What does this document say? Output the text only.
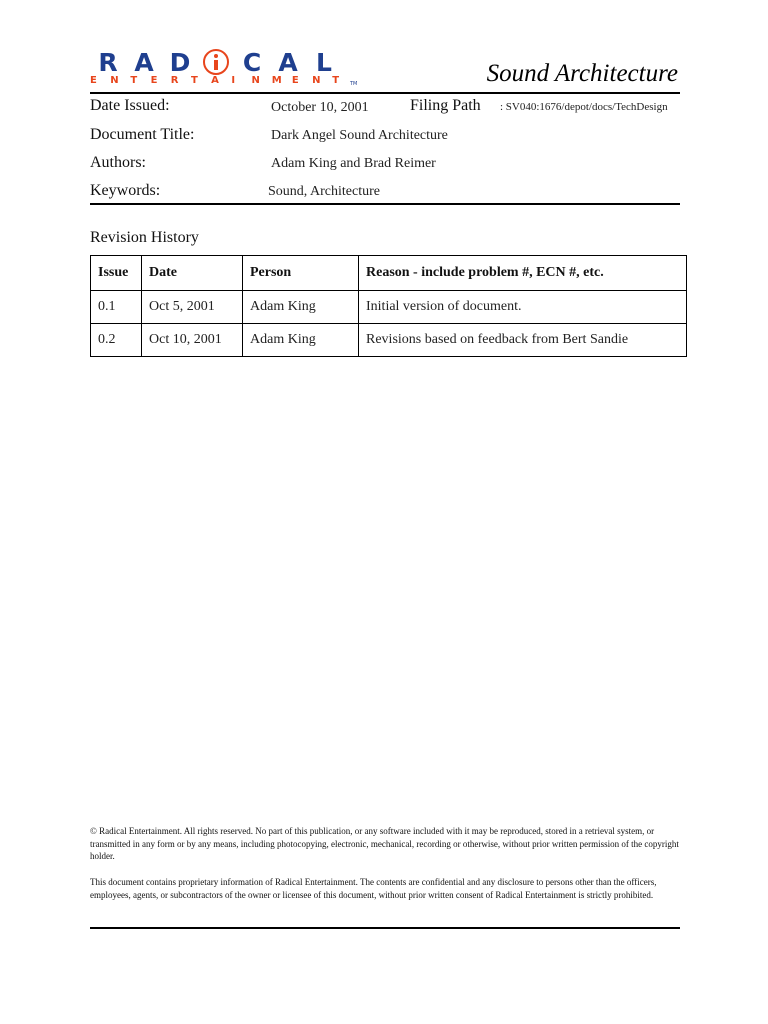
R A D	C A L
E	N	T	E	R	T	A	I	N	M	E	N	T	TM	Sound Architecture
Date Issued:	October 10, 2001	Filing Path : SV040:1676/depot/docs/TechDesign
Document Title:	Dark Angel Sound Architecture
Authors:	Adam King and Brad Reimer
Keywords:	Sound, Architecture
Revision History
Issue	Date	Person	Reason - include problem #, ECN #, etc.
0.1	Oct 5, 2001	Adam King	Initial version of document.
0.2	Oct 10, 2001	Adam King	Revisions based on feedback from Bert Sandie
© Radical Entertainment. All rights reserved. No part of this publication, or any software included with it may be reproduced, stored in a retrieval system, or transmitted in any form or by any means, including photocopying, electronic, mechanical, recording or otherwise, without prior written permission of the copyright holder.
This document contains proprietary information of Radical Entertainment. The contents are confidential and any disclosure to persons other than the officers, employees, agents, or subcontractors of the owner or licensee of this document, without prior written consent of Radical Entertainment is strictly prohibited.
